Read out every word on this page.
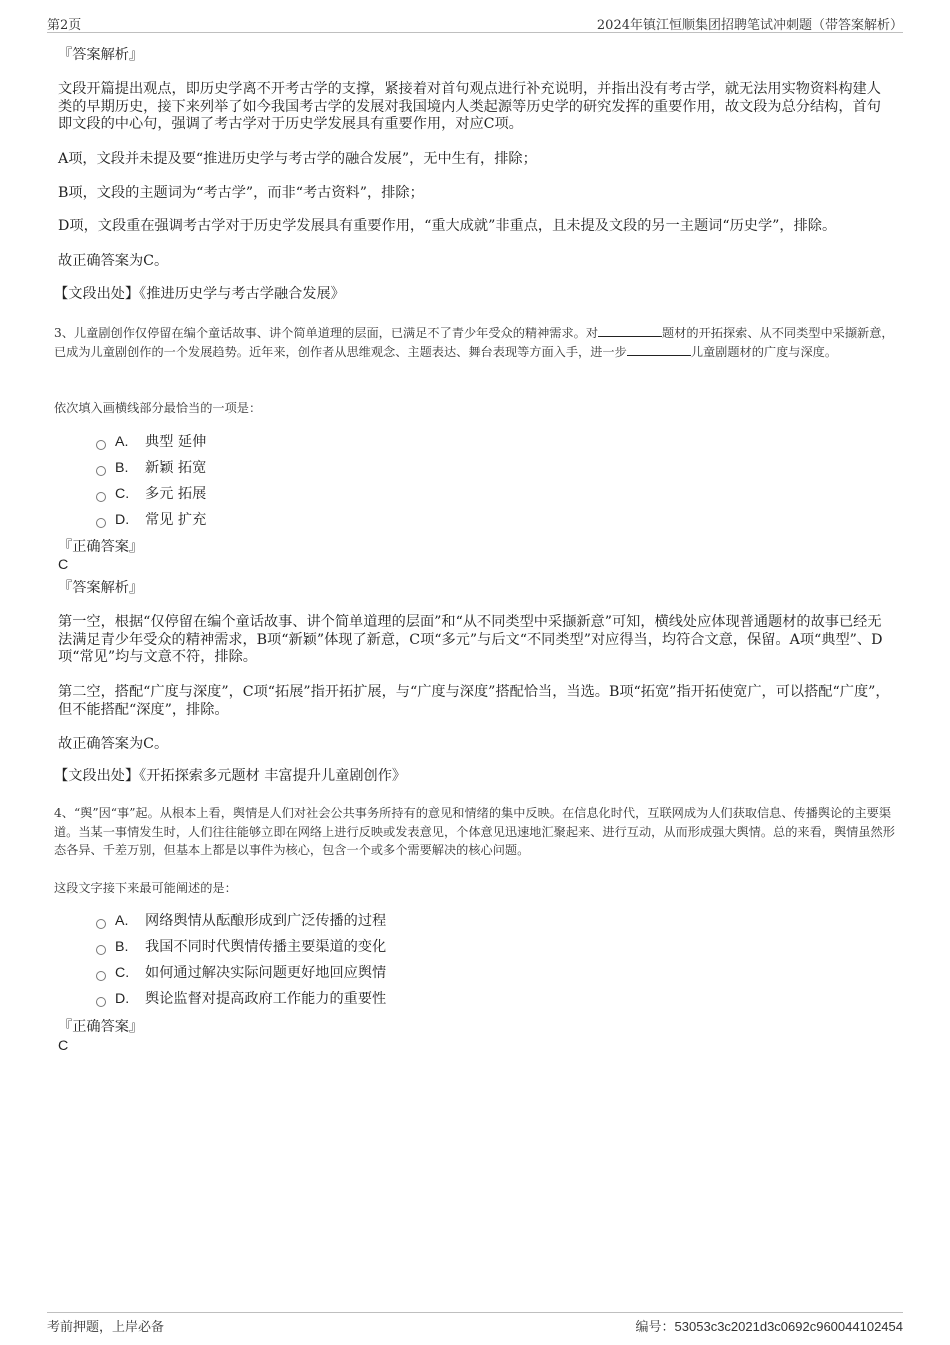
第2页	2024年镇江恒顺集团招聘笔试冲刺题（带答案解析）
『答案解析』
文段开篇提出观点，即历史学离不开考古学的支撑，紧接着对首句观点进行补充说明，并指出没有考古学，就无法用实物资料构建人类的早期历史，接下来列举了如今我国考古学的发展对我国境内人类起源等历史学的研究发挥的重要作用，故文段为总分结构，首句即文段的中心句，强调了考古学对于历史学发展具有重要作用，对应C项。
A项，文段并未提及要“推进历史学与考古学的融合发展”，无中生有，排除；
B项，文段的主题词为“考古学”，而非“考古资料”，排除；
D项，文段重在强调考古学对于历史学发展具有重要作用，“重大成就”非重点，且未提及文段的另一主题词“历史学”，排除。
故正确答案为C。
【文段出处】《推进历史学与考古学融合发展》
3、儿童剧创作仅停留在编个童话故事、讲个简单道理的层面，已满足不了青少年受众的精神需求。对	题材的开拓探索、从不同类型中采撷新意，已成为儿童剧创作的一个发展趋势。近年来，创作者从思维观念、主题表达、舞台表现等方面入手，进一步	儿童剧题材的广度与深度。
依次填入画横线部分最恰当的一项是：
A.	典型 延伸
B.	新颖 拓宽
C.	多元 拓展
D.	常见 扩充
『正确答案』
C
『答案解析』
第一空，根据“仅停留在编个童话故事、讲个简单道理的层面”和“从不同类型中采撷新意”可知，横线处应体现普通题材的故事已经无法满足青少年受众的精神需求，B项“新颖”体现了新意，C项“多元”与后文“不同类型”对应得当，均符合文意，保留。A项“典型”、D项“常见”均与文意不符，排除。
第二空，搭配“广度与深度”，C项“拓展”指开拓扩展，与“广度与深度”搭配恰当，当选。B项“拓宽”指开拓使宽广，可以搭配“广度”，但不能搭配“深度”，排除。
故正确答案为C。
【文段出处】《开拓探索多元题材 丰富提升儿童剧创作》
4、“舆”因“事”起。从根本上看，舆情是人们对社会公共事务所持有的意见和情绪的集中反映。在信息化时代，互联网成为人们获取信息、传播舆论的主要渠道。当某一事情发生时，人们往往能够立即在网络上进行反映或发表意见，个体意见迅速地汇聚起来、进行互动，从而形成强大舆情。总的来看，舆情虽然形态各异、千差万别，但基本上都是以事件为核心，包含一个或多个需要解决的核心问题。
这段文字接下来最可能阐述的是：
A.	网络舆情从酝酿形成到广泛传播的过程
B.	我国不同时代舆情传播主要渠道的变化
C.	如何通过解决实际问题更好地回应舆情
D.	舆论监督对提高政府工作能力的重要性
『正确答案』
C
考前押题，上岸必备	编号：53053c3c2021d3c0692c960044102454
